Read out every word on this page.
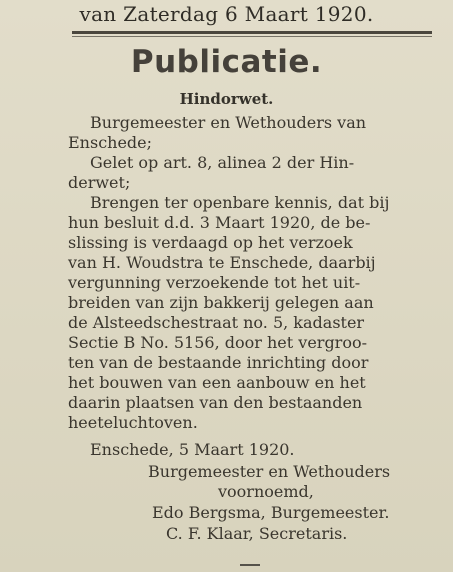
van Zaterdag 6 Maart 1920.
Publicatie.
Hindorwet.
Burgemeester en Wethouders van
Enschede;
Gelet op art. 8, alinea 2 der Hin-
derwet;
Brengen ter openbare kennis, dat bij
hun besluit d.d. 3 Maart 1920, de be-
slissing is verdaagd op het verzoek
van H. Woudstra te Enschede, daarbij
vergunning verzoekende tot het uit-
breiden van zijn bakkerij gelegen aan
de Alsteedschestraat no. 5, kadaster
Sectie B No. 5156, door het vergroo-
ten van de bestaande inrichting door
het bouwen van een aanbouw en het
daarin plaatsen van den bestaanden
heeteluchtoven.
Enschede, 5 Maart 1920.
Burgemeester en Wethouders
voornoemd,
Edo Bergsma, Burgemeester.
C. F. Klaar, Secretaris.
